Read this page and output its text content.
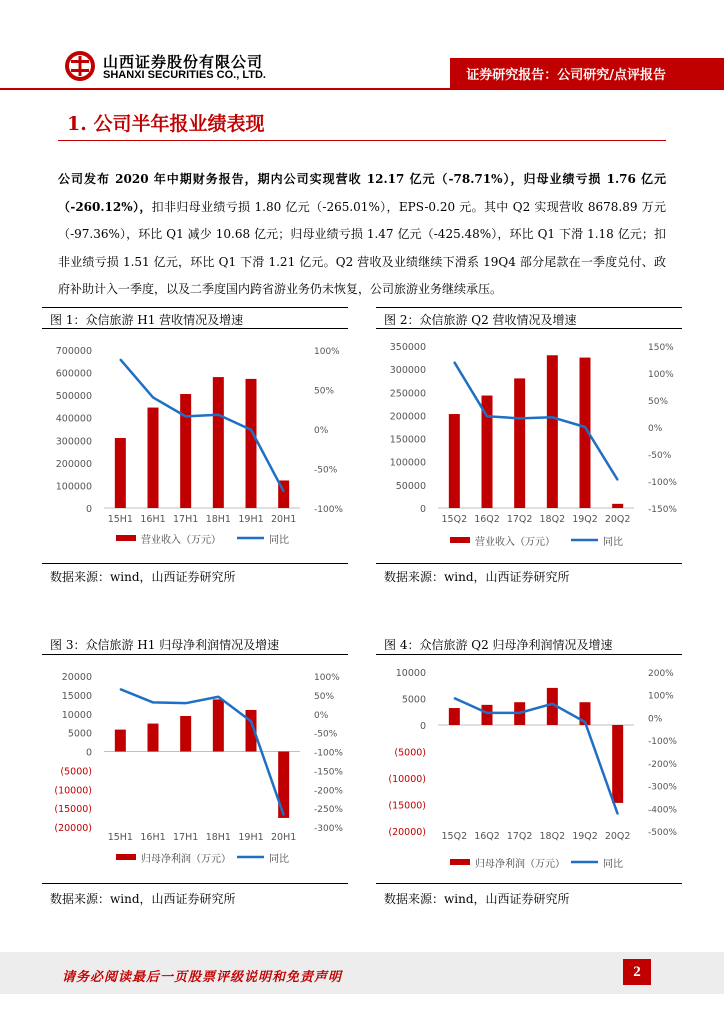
山西证券股份有限公司
SHANXI SECURITIES CO., LTD.	证券研究报告：公司研究/点评报告
1. 公司半年报业绩表现
公司发布 2020 年中期财务报告，期内公司实现营收 12.17 亿元（-78.71%），归母业绩亏损 1.76 亿元（-260.12%），扣非归母业绩亏损 1.80 亿元（-265.01%），EPS-0.20 元。其中 Q2 实现营收 8678.89 万元（-97.36%），环比 Q1 减少 10.68 亿元；归母业绩亏损 1.47 亿元（-425.48%），环比 Q1 下滑 1.18 亿元；扣非业绩亏损 1.51 亿元，环比 Q1 下滑 1.21 亿元。Q2 营收及业绩继续下滑系 19Q4 部分尾款在一季度兑付、政府补助计入一季度，以及二季度国内跨省游业务仍未恢复，公司旅游业务继续承压。
图 1：众信旅游 H1 营收情况及增速	图 2：众信旅游 Q2 营收情况及增速
700000
600000
500000
400000
300000
200000
100000
0
100%
50%
0%
-50%
-100%
15H1 16H1 17H1 18H1 19H1 20H1
营业收入（万元）	同比
350000
300000
250000
200000
150000
100000
50000
0
150%
100%
50%
0%
-50%
-100%
-150%
15Q2 16Q2 17Q2 18Q2 19Q2 20Q2
营业收入（万元）	同比
数据来源：wind，山西证券研究所	数据来源：wind，山西证券研究所
图 3：众信旅游 H1 归母净利润情况及增速	图 4：众信旅游 Q2 归母净利润情况及增速
20000
15000
10000
5000
0
(5000)
(10000)
(15000)
(20000)
100%
50%
0%
-50%
-100%
-150%
-200%
-250%
-300%
15H1 16H1 17H1 18H1 19H1 20H1
归母净利润（万元）	同比
10000
5000
0
(5000)
(10000)
(15000)
(20000)
200%
100%
0%
-100%
-200%
-300%
-400%
-500%
15Q2 16Q2 17Q2 18Q2 19Q2 20Q2
归母净利润（万元）	同比
数据来源：wind，山西证券研究所	数据来源：wind，山西证券研究所
请务必阅读最后一页股票评级说明和免责声明	2
